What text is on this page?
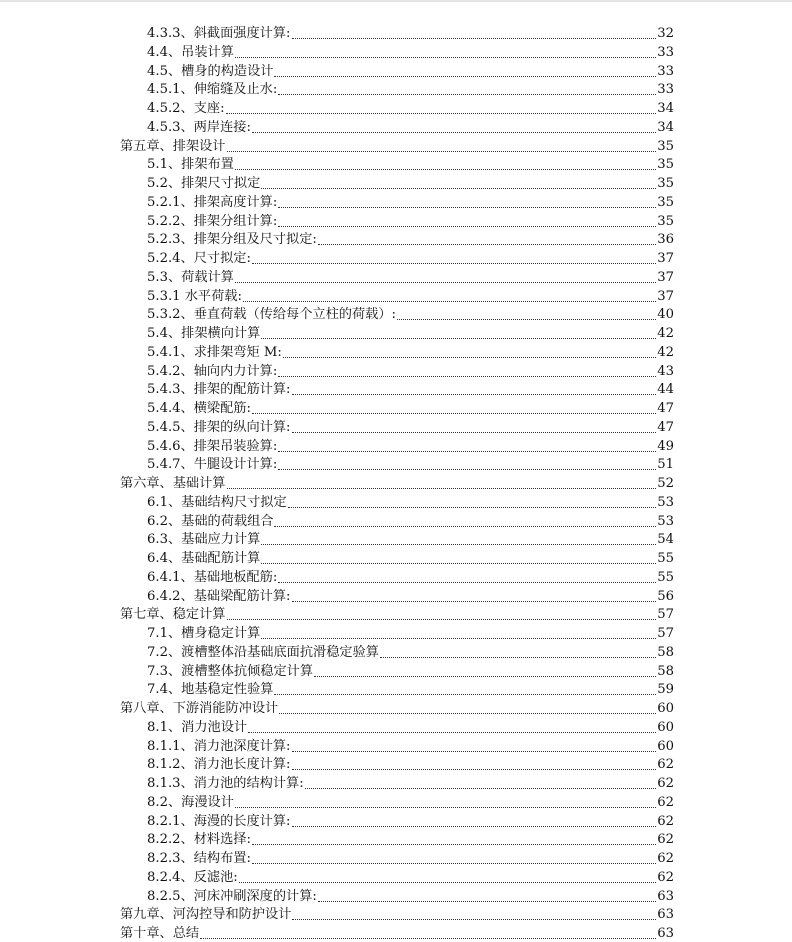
4.3.3、斜截面强度计算:	32
4.4、吊装计算	33
4.5、槽身的构造设计	33
4.5.1、伸缩缝及止水:	33
4.5.2、支座:	34
4.5.3、两岸连接:	34
第五章、排架设计	35
5.1、排架布置	35
5.2、排架尺寸拟定	35
5.2.1、排架高度计算:	35
5.2.2、排架分组计算:	35
5.2.3、排架分组及尺寸拟定:	36
5.2.4、尺寸拟定:	37
5.3、荷载计算	37
5.3.1 水平荷载:	37
5.3.2、垂直荷载（传给每个立柱的荷载）:	40
5.4、排架横向计算	42
5.4.1、求排架弯矩 M:	42
5.4.2、轴向内力计算:	43
5.4.3、排架的配筋计算:	44
5.4.4、横梁配筋:	47
5.4.5、排架的纵向计算:	47
5.4.6、排架吊装验算:	49
5.4.7、牛腿设计计算:	51
第六章、基础计算	52
6.1、基础结构尺寸拟定	53
6.2、基础的荷载组合	53
6.3、基础应力计算	54
6.4、基础配筋计算	55
6.4.1、基础地板配筋:	55
6.4.2、基础梁配筋计算:	56
第七章、稳定计算	57
7.1、槽身稳定计算	57
7.2、渡槽整体沿基础底面抗滑稳定验算	58
7.3、渡槽整体抗倾稳定计算	58
7.4、地基稳定性验算	59
第八章、下游消能防冲设计	60
8.1、消力池设计	60
8.1.1、消力池深度计算:	60
8.1.2、消力池长度计算:	62
8.1.3、消力池的结构计算:	62
8.2、海漫设计	62
8.2.1、海漫的长度计算:	62
8.2.2、材料选择:	62
8.2.3、结构布置:	62
8.2.4、反滤池:	62
8.2.5、河床冲刷深度的计算:	63
第九章、河沟控导和防护设计	63
第十章、总结	63
